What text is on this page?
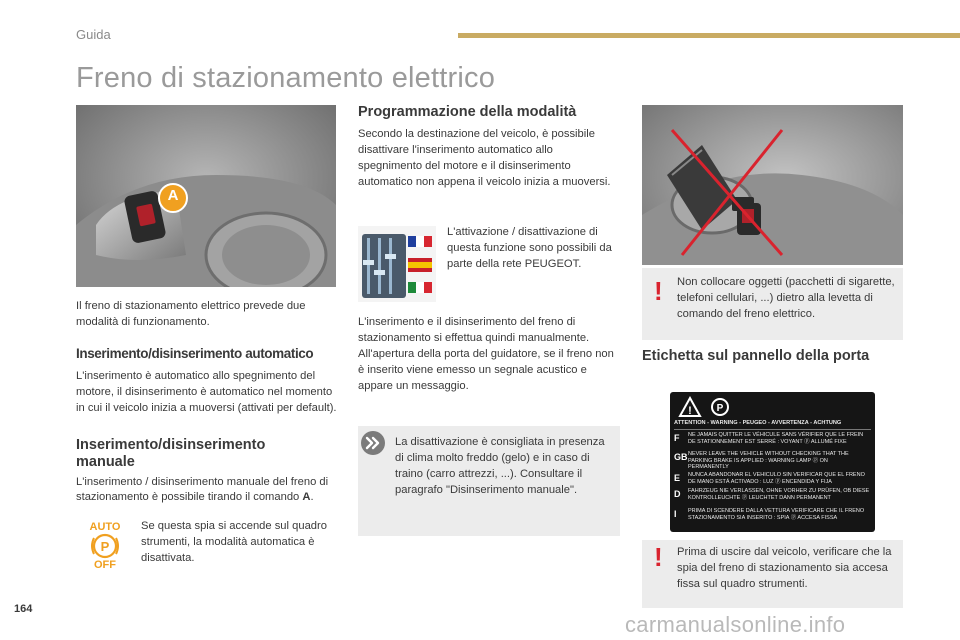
Guida
Freno di stazionamento elettrico
A

Il freno di stazionamento elettrico prevede due modalità di funzionamento.

Inserimento/disinserimento automatico

L'inserimento è automatico allo spegnimento del motore, il disinserimento è automatico nel momento in cui il veicolo inizia a muoversi (attivati per default).

Inserimento/disinserimento
manuale

L'inserimento / disinserimento manuale del freno di stazionamento è possibile tirando il comando A.

AUTO
P
OFF

Se questa spia si accende sul quadro strumenti, la modalità automatica è disattivata.

Programmazione della modalità

Secondo la destinazione del veicolo, è possibile disattivare l'inserimento automatico allo spegnimento del motore e il disinserimento automatico non appena il veicolo inizia a muoversi.

L'attivazione / disattivazione di questa funzione sono possibili da parte della rete PEUGEOT.

L'inserimento e il disinserimento del freno di stazionamento si effettua quindi manualmente. All'apertura della porta del guidatore, se il freno non è inserito viene emesso un segnale acustico e appare un messaggio.

La disattivazione è consigliata in presenza di clima molto freddo (gelo) e in caso di traino (carro attrezzi, ...). Consultare il paragrafo "Disinserimento manuale".

! Non collocare oggetti (pacchetti di sigarette, telefoni cellulari, ...) dietro alla levetta di comando del freno elettrico.

Etichetta sul pannello della porta
! P
ATTENTION - WARNING - PEUGEO - AVVERTENZA - ACHTUNG
F NE JAMAIS QUITTER LE VÉHICULE SANS VÉRIFIER QUE LE FREIN DE STATIONNEMENT EST SERRÉ : VOYANT ⓟ ALLUMÉ FIXE
GB NEVER LEAVE THE VEHICLE WITHOUT CHECKING THAT THE PARKING BRAKE IS APPLIED : WARNING LAMP ⓟ ON PERMANENTLY
E NUNCA ABANDONAR EL VEHICULO SIN VERIFICAR QUE EL FRENO DE MANO ESTÁ ACTIVADO : LUZ ⓟ ENCENDIDA Y FIJA
D FAHRZEUG NIE VERLASSEN, OHNE VORHER ZU PRÜFEN, OB DIESE KONTROLLEUCHTE ⓟ LEUCHTET DANN PERMANENT
I PRIMA DI SCENDERE DALLA VETTURA VERIFICARE CHE IL FRENO STAZIONAMENTO SIA INSERITO : SPIA ⓟ ACCESA FISSA
! Prima di uscire dal veicolo, verificare che la spia del freno di stazionamento sia accesa fissa sul quadro strumenti.

164
carmanualsonline.info
